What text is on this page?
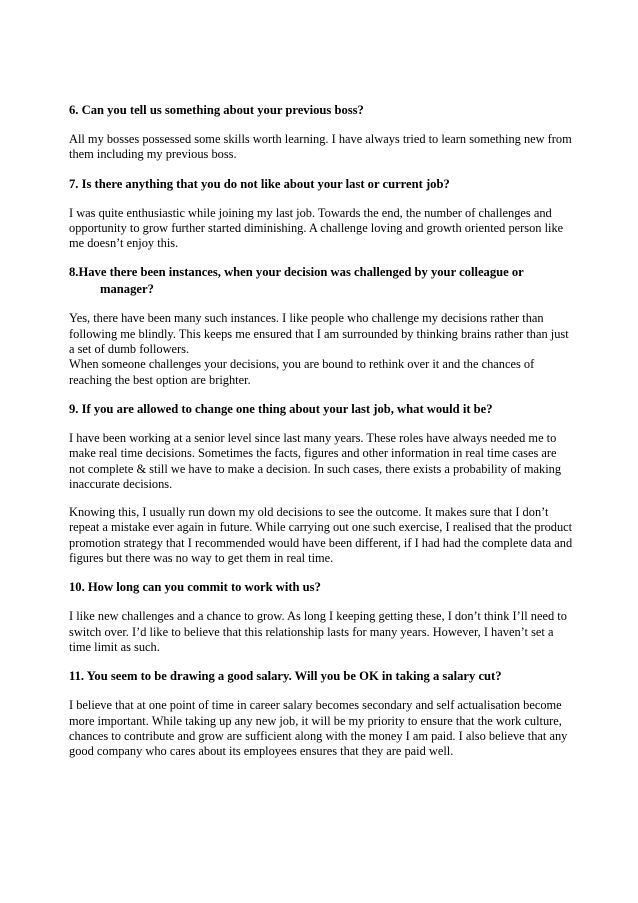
6. Can you tell us something about your previous boss?

All my bosses possessed some skills worth learning. I have always tried to learn something new from them including my previous boss.

7. Is there anything that you do not like about your last or current job?

I was quite enthusiastic while joining my last job. Towards the end, the number of challenges and opportunity to grow further started diminishing. A challenge loving and growth oriented person like me doesn’t enjoy this.

8.Have there been instances, when your decision was challenged by your colleague or manager?

Yes, there have been many such instances. I like people who challenge my decisions rather than following me blindly. This keeps me ensured that I am surrounded by thinking brains rather than just a set of dumb followers.

When someone challenges your decisions, you are bound to rethink over it and the chances of reaching the best option are brighter.

9. If you are allowed to change one thing about your last job, what would it be?

I have been working at a senior level since last many years. These roles have always needed me to make real time decisions. Sometimes the facts, figures and other information in real time cases are not complete & still we have to make a decision. In such cases, there exists a probability of making inaccurate decisions.

Knowing this, I usually run down my old decisions to see the outcome. It makes sure that I don’t repeat a mistake ever again in future. While carrying out one such exercise, I realised that the product promotion strategy that I recommended would have been different, if I had had the complete data and figures but there was no way to get them in real time.

10. How long can you commit to work with us?

I like new challenges and a chance to grow. As long I keeping getting these, I don’t think I’ll need to switch over. I’d like to believe that this relationship lasts for many years. However, I haven’t set a time limit as such.

11. You seem to be drawing a good salary. Will you be OK in taking a salary cut?

I believe that at one point of time in career salary becomes secondary and self actualisation become more important. While taking up any new job, it will be my priority to ensure that the work culture, chances to contribute and grow are sufficient along with the money I am paid. I also believe that any good company who cares about its employees ensures that they are paid well.
